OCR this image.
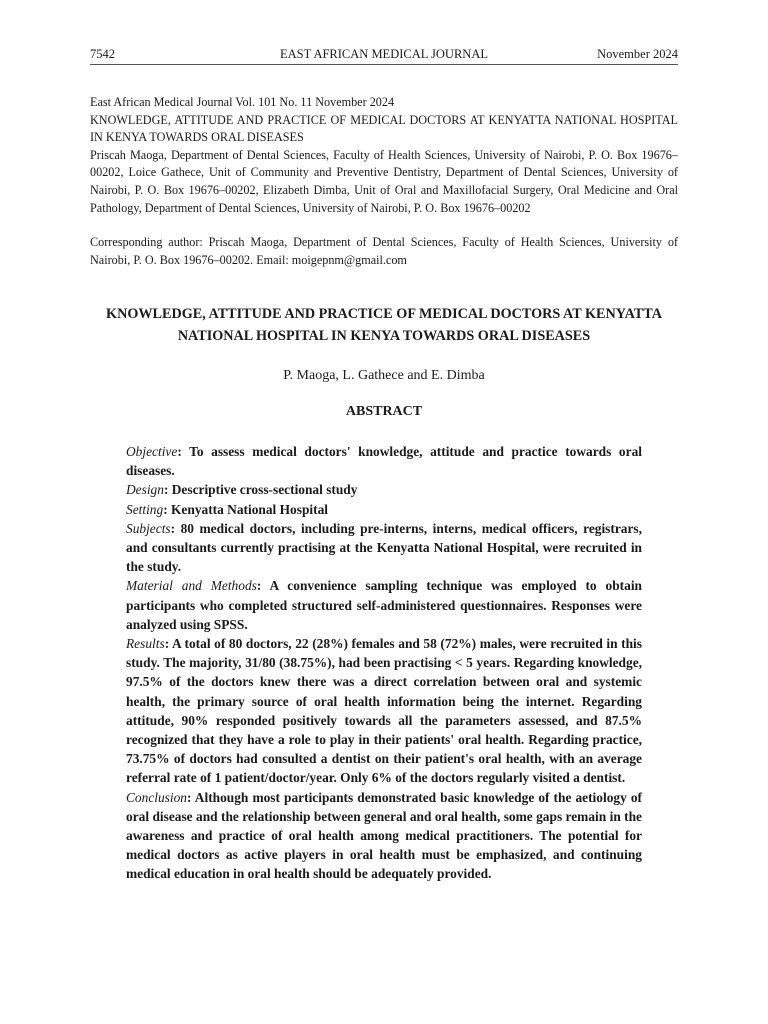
7542	EAST AFRICAN MEDICAL JOURNAL	November 2024

East African Medical Journal Vol. 101 No. 11 November 2024

KNOWLEDGE, ATTITUDE AND PRACTICE OF MEDICAL DOCTORS AT KENYATTA NATIONAL HOSPITAL IN KENYA TOWARDS ORAL DISEASES

Priscah Maoga, Department of Dental Sciences, Faculty of Health Sciences, University of Nairobi, P. O. Box 19676–00202, Loice Gathece, Unit of Community and Preventive Dentistry, Department of Dental Sciences, University of Nairobi, P. O. Box 19676–00202, Elizabeth Dimba, Unit of Oral and Maxillofacial Surgery, Oral Medicine and Oral Pathology, Department of Dental Sciences, University of Nairobi, P. O. Box 19676–00202

Corresponding author: Priscah Maoga, Department of Dental Sciences, Faculty of Health Sciences, University of Nairobi, P. O. Box 19676–00202. Email: moigepnm@gmail.com

KNOWLEDGE, ATTITUDE AND PRACTICE OF MEDICAL DOCTORS AT KENYATTA NATIONAL HOSPITAL IN KENYA TOWARDS ORAL DISEASES
P. Maoga, L. Gathece and E. Dimba
ABSTRACT

Objective: To assess medical doctors' knowledge, attitude and practice towards oral diseases.

Design: Descriptive cross-sectional study

Setting: Kenyatta National Hospital

Subjects: 80 medical doctors, including pre-interns, interns, medical officers, registrars, and consultants currently practising at the Kenyatta National Hospital, were recruited in the study.

Material and Methods: A convenience sampling technique was employed to obtain participants who completed structured self-administered questionnaires. Responses were analyzed using SPSS.

Results: A total of 80 doctors, 22 (28%) females and 58 (72%) males, were recruited in this study. The majority, 31/80 (38.75%), had been practising < 5 years. Regarding knowledge, 97.5% of the doctors knew there was a direct correlation between oral and systemic health, the primary source of oral health information being the internet. Regarding attitude, 90% responded positively towards all the parameters assessed, and 87.5% recognized that they have a role to play in their patients' oral health. Regarding practice, 73.75% of doctors had consulted a dentist on their patient's oral health, with an average referral rate of 1 patient/doctor/year. Only 6% of the doctors regularly visited a dentist.

Conclusion: Although most participants demonstrated basic knowledge of the aetiology of oral disease and the relationship between general and oral health, some gaps remain in the awareness and practice of oral health among medical practitioners. The potential for medical doctors as active players in oral health must be emphasized, and continuing medical education in oral health should be adequately provided.
